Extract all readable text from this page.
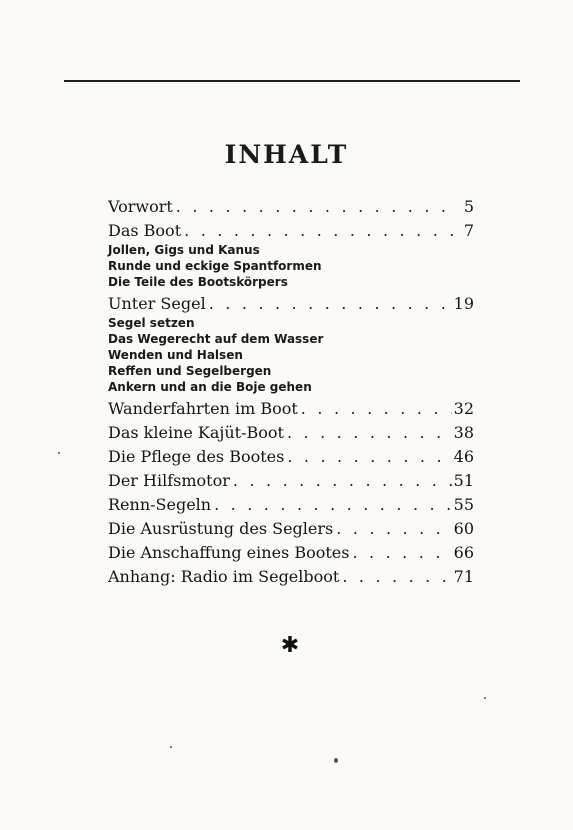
INHALT
Vorwort . . .	5
Das Boot . . .	7
Jollen, Gigs und Kanus
Runde und eckige Spantformen
Die Teile des Bootskörpers
Unter Segel . . .	19
Segel setzen
Das Wegerecht auf dem Wasser
Wenden und Halsen
Reffen und Segelbergen
Ankern und an die Boje gehen
Wanderfahrten im Boot . . .	32
Das kleine Kajüt-Boot . . .	38
Die Pflege des Bootes . . .	46
Der Hilfsmotor . . .	51
Renn-Segeln . . .	55
Die Ausrüstung des Seglers . . .	60
Die Anschaffung eines Bootes . . .	66
Anhang: Radio im Segelboot . . .	71
✱
